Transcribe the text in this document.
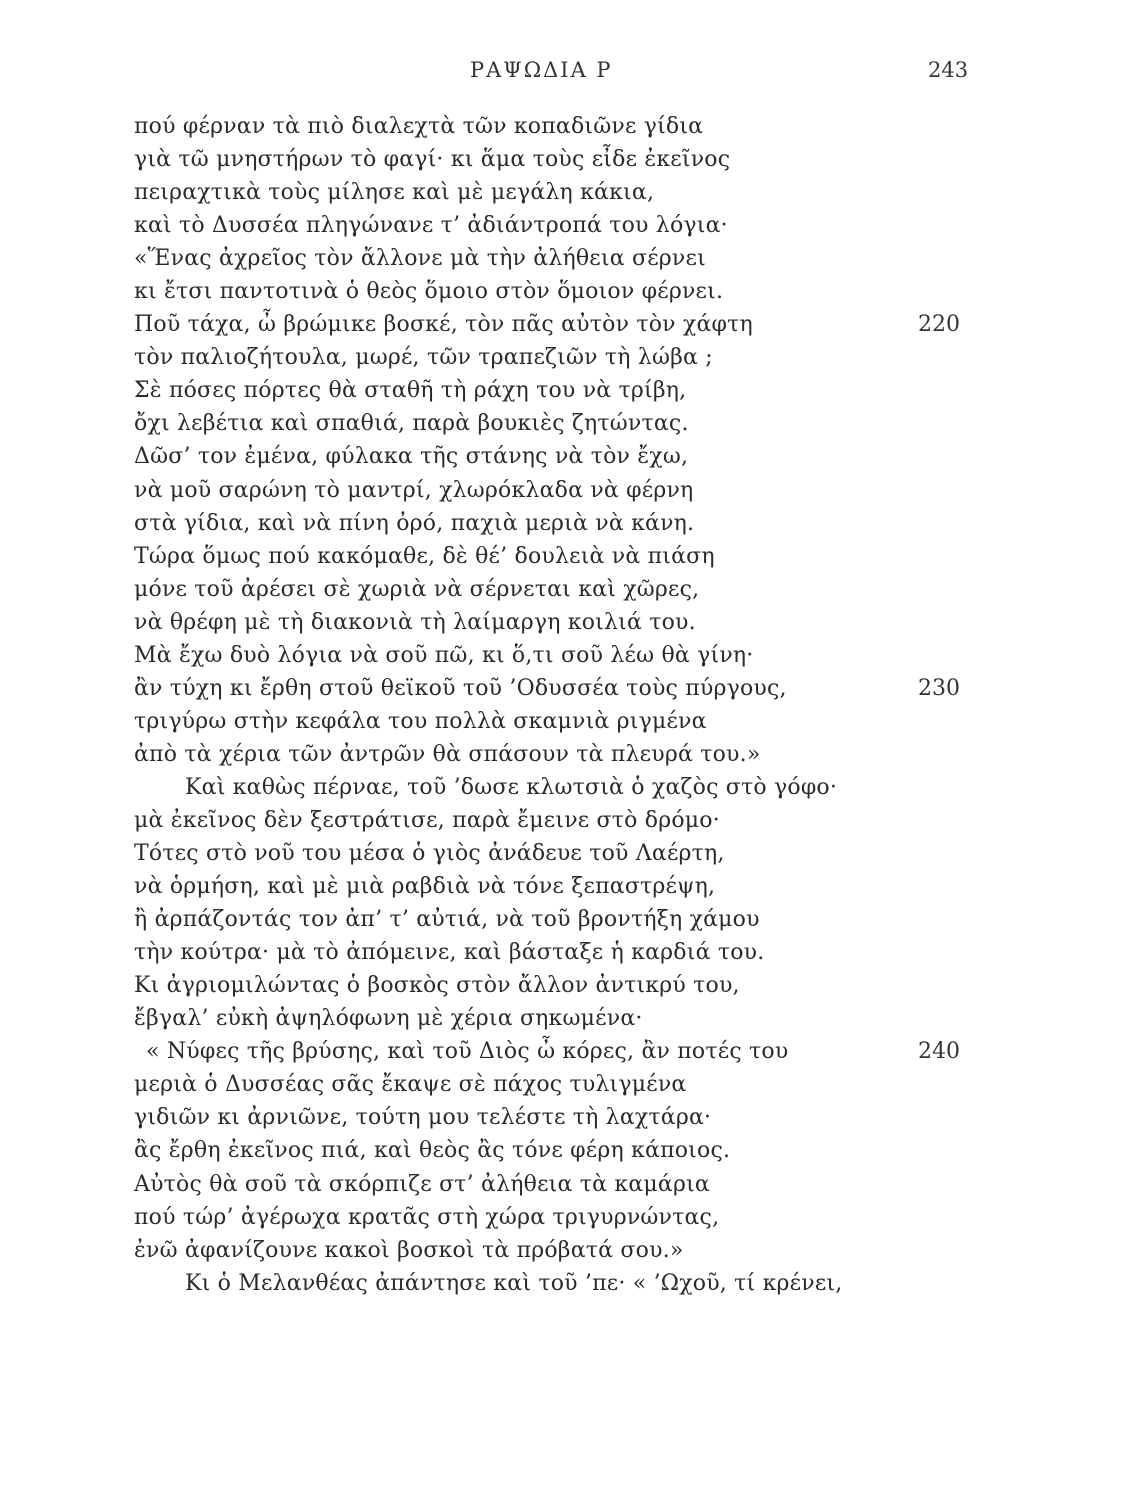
ΡΑΨΩΔΙΑ Ρ	243
πού φέρναν τὰ πιὸ διαλεχτὰ τῶν κοπαδιῶνε γίδια
γιὰ τῶ μνηστήρων τὸ φαγί· κι ἅμα τοὺς εἶδε ἐκεῖνος
πειραχτικὰ τοὺς μίλησε καὶ μὲ μεγάλη κάκια,
καὶ τὸ Δυσσέα πληγώνανε τ’ ἀδιάντροπά του λόγια·
«Ἕνας ἀχρεῖος τὸν ἄλλονε μὰ τὴν ἀλήθεια σέρνει
κι ἔτσι παντοτινὰ ὁ θεὸς ὅμοιο στὸν ὅμοιον φέρνει.
Ποῦ τάχα, ὦ βρώμικε βοσκέ, τὸν πᾶς αὐτὸν τὸν χάφτη	220
τὸν παλιοζήτουλα, μωρέ, τῶν τραπεζιῶν τὴ λώβα ;
Σὲ πόσες πόρτες θὰ σταθῆ τὴ ράχη του νὰ τρίβη,
ὄχι λεβέτια καὶ σπαθιά, παρὰ βουκιὲς ζητώντας.
Δῶσ’ τον ἐμένα, φύλακα τῆς στάνης νὰ τὸν ἔχω,
νὰ μοῦ σαρώνη τὸ μαντρί, χλωρόκλαδα νὰ φέρνη
στὰ γίδια, καὶ νὰ πίνη ὀρό, παχιὰ μεριὰ νὰ κάνη.
Τώρα ὅμως πού κακόμαθε, δὲ θέ’ δουλειὰ νὰ πιάση
μόνε τοῦ ἀρέσει σὲ χωριὰ νὰ σέρνεται καὶ χῶρες,
νὰ θρέφη μὲ τὴ διακονιὰ τὴ λαίμαργη κοιλιά του.
Μὰ ἔχω δυὸ λόγια νὰ σοῦ πῶ, κι ὅ,τι σοῦ λέω θὰ γίνη·
ἂν τύχη κι ἔρθη στοῦ θεϊκοῦ τοῦ ’Οδυσσέα τοὺς πύργους,	230
τριγύρω στὴν κεφάλα του πολλὰ σκαμνιὰ ριγμένα
ἀπὸ τὰ χέρια τῶν ἀντρῶν θὰ σπάσουν τὰ πλευρά του.»
Καὶ καθὼς πέρναε, τοῦ ’δωσε κλωτσιὰ ὁ χαζὸς στὸ γόφο·
μὰ ἐκεῖνος δὲν ξεστράτισε, παρὰ ἔμεινε στὸ δρόμο·
Τότες στὸ νοῦ του μέσα ὁ γιὸς ἀνάδευε τοῦ Λαέρτη,
νὰ ὁρμήση, καὶ μὲ μιὰ ραβδιὰ νὰ τόνε ξεπαστρέψη,
ἢ ἀρπάζοντάς τον ἀπ’ τ’ αὐτιά, νὰ τοῦ βροντήξη χάμου
τὴν κούτρα· μὰ τὸ ἀπόμεινε, καὶ βάσταξε ἡ καρδιά του.
Κι ἀγριομιλώντας ὁ βοσκὸς στὸν ἄλλον ἀντικρύ του,
ἔβγαλ’ εὐκὴ ἀψηλόφωνη μὲ χέρια σηκωμένα·
« Νύφες τῆς βρύσης, καὶ τοῦ Διὸς ὦ κόρες, ἂν ποτές του	240
μεριὰ ὁ Δυσσέας σᾶς ἔκαψε σὲ πάχος τυλιγμένα
γιδιῶν κι ἀρνιῶνε, τούτη μου τελέστε τὴ λαχτάρα·
ἂς ἔρθη ἐκεῖνος πιά, καὶ θεὸς ἂς τόνε φέρη κάποιος.
Αὐτὸς θὰ σοῦ τὰ σκόρπιζε στ’ ἀλήθεια τὰ καμάρια
πού τώρ’ ἀγέρωχα κρατᾶς στὴ χώρα τριγυρνώντας,
ἐνῶ ἀφανίζουνε κακοὶ βοσκοὶ τὰ πρόβατά σου.»
Κι ὁ Μελανθέας ἀπάντησε καὶ τοῦ ’πε· « ’Ωχοῦ, τί κρένει,
